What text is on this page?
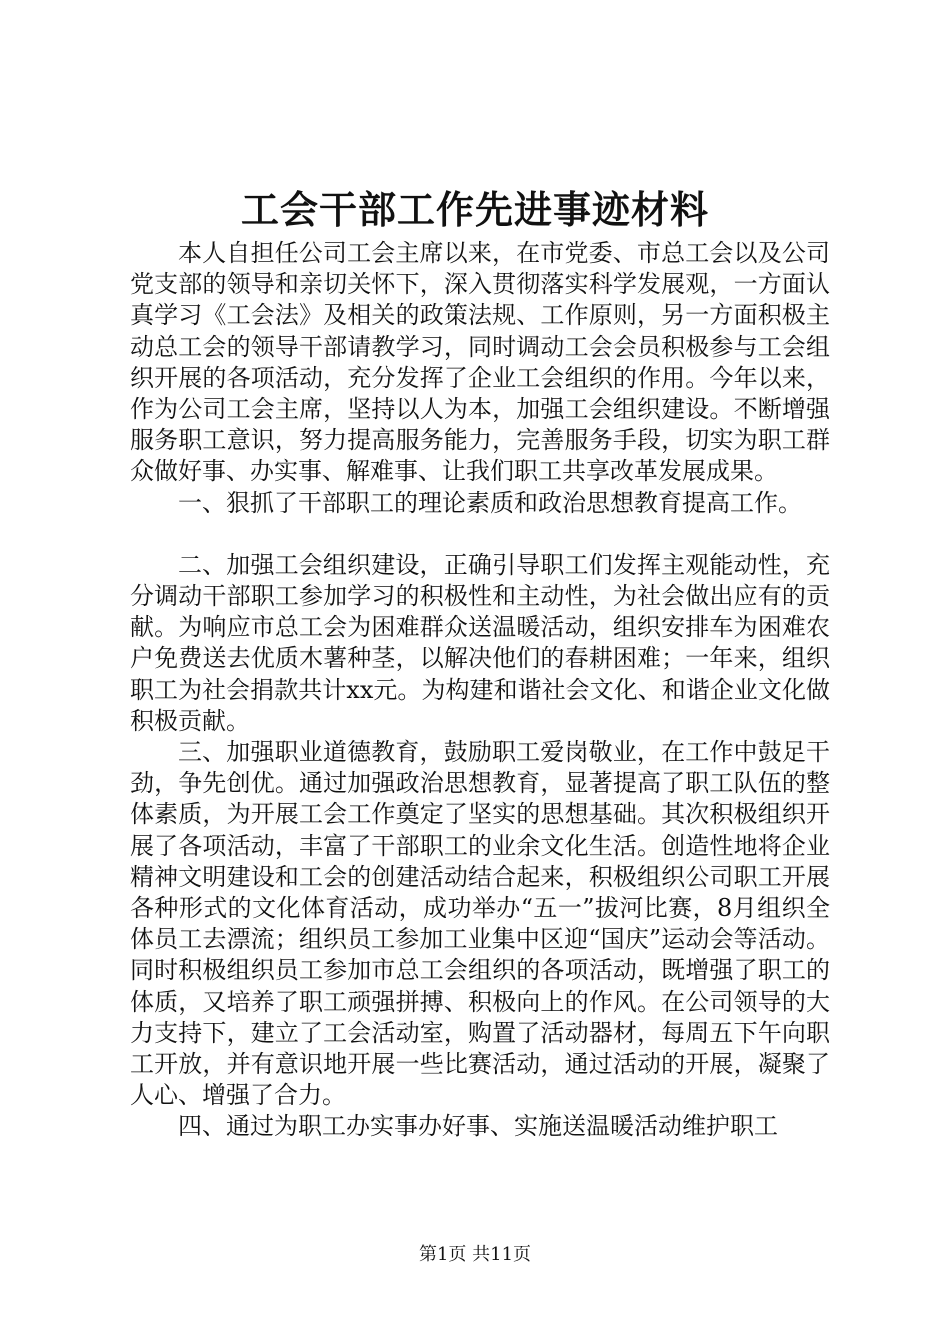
工会干部工作先进事迹材料

本人自担任公司工会主席以来，在市党委、市总工会以及公司党支部的领导和亲切关怀下，深入贯彻落实科学发展观，一方面认真学习《工会法》及相关的政策法规、工作原则，另一方面积极主动总工会的领导干部请教学习，同时调动工会会员积极参与工会组织开展的各项活动，充分发挥了企业工会组织的作用。今年以来，作为公司工会主席，坚持以人为本，加强工会组织建设。不断增强服务职工意识，努力提高服务能力，完善服务手段，切实为职工群众做好事、办实事、解难事、让我们职工共享改革发展成果。

一、狠抓了干部职工的理论素质和政治思想教育提高工作。

二、加强工会组织建设，正确引导职工们发挥主观能动性，充分调动干部职工参加学习的积极性和主动性，为社会做出应有的贡献。为响应市总工会为困难群众送温暖活动，组织安排车为困难农户免费送去优质木薯种茎，以解决他们的春耕困难；一年来，组织职工为社会捐款共计xx元。为构建和谐社会文化、和谐企业文化做积极贡献。

三、加强职业道德教育，鼓励职工爱岗敬业，在工作中鼓足干劲，争先创优。通过加强政治思想教育，显著提高了职工队伍的整体素质，为开展工会工作奠定了坚实的思想基础。其次积极组织开展了各项活动，丰富了干部职工的业余文化生活。创造性地将企业精神文明建设和工会的创建活动结合起来，积极组织公司职工开展各种形式的文化体育活动，成功举办“五一”拔河比赛，8月组织全体员工去漂流；组织员工参加工业集中区迎“国庆”运动会等活动。同时积极组织员工参加市总工会组织的各项活动，既增强了职工的体质，又培养了职工顽强拼搏、积极向上的作风。在公司领导的大力支持下，建立了工会活动室，购置了活动器材，每周五下午向职工开放，并有意识地开展一些比赛活动，通过活动的开展，凝聚了人心、增强了合力。

四、通过为职工办实事办好事、实施送温暖活动维护职工

第1页 共11页
